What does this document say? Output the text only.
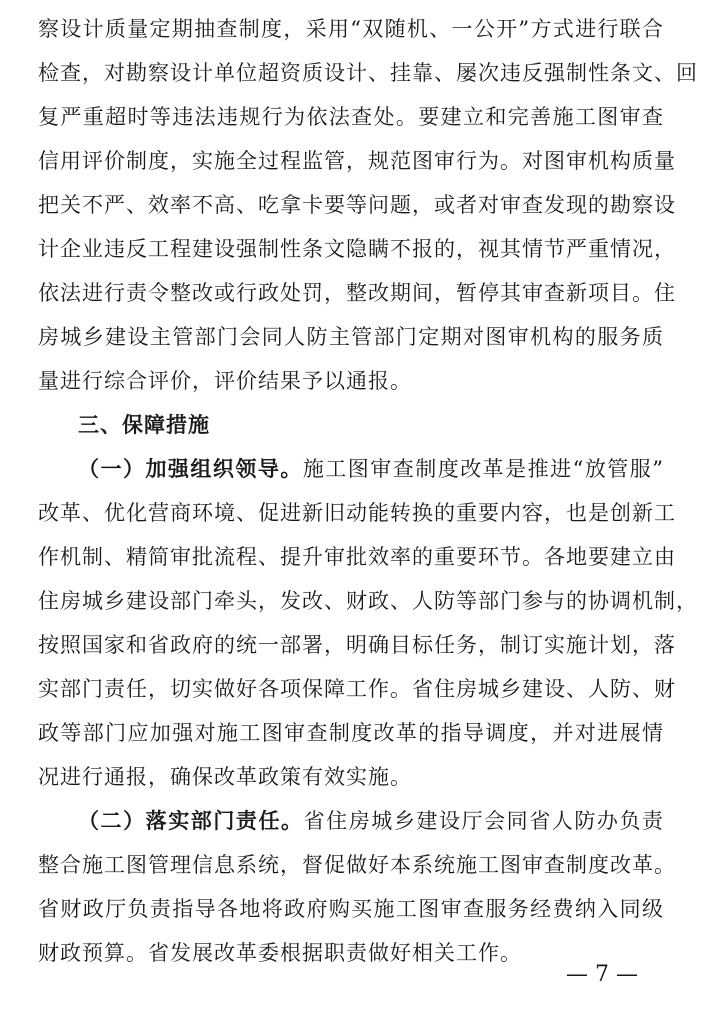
察设计质量定期抽查制度，采用“双随机、一公开”方式进行联合
检查，对勘察设计单位超资质设计、挂靠、屡次违反强制性条文、回
复严重超时等违法违规行为依法查处。要建立和完善施工图审查
信用评价制度，实施全过程监管，规范图审行为。对图审机构质量
把关不严、效率不高、吃拿卡要等问题，或者对审查发现的勘察设
计企业违反工程建设强制性条文隐瞒不报的，视其情节严重情况，
依法进行责令整改或行政处罚，整改期间，暂停其审查新项目。住
房城乡建设主管部门会同人防主管部门定期对图审机构的服务质
量进行综合评价，评价结果予以通报。
三、保障措施
（一）加强组织领导。施工图审查制度改革是推进“放管服”
改革、优化营商环境、促进新旧动能转换的重要内容，也是创新工
作机制、精简审批流程、提升审批效率的重要环节。各地要建立由
住房城乡建设部门牵头，发改、财政、人防等部门参与的协调机制，
按照国家和省政府的统一部署，明确目标任务，制订实施计划，落
实部门责任，切实做好各项保障工作。省住房城乡建设、人防、财
政等部门应加强对施工图审查制度改革的指导调度，并对进展情
况进行通报，确保改革政策有效实施。
（二）落实部门责任。省住房城乡建设厅会同省人防办负责
整合施工图管理信息系统，督促做好本系统施工图审查制度改革。
省财政厅负责指导各地将政府购买施工图审查服务经费纳入同级
财政预算。省发展改革委根据职责做好相关工作。
— 7 —
